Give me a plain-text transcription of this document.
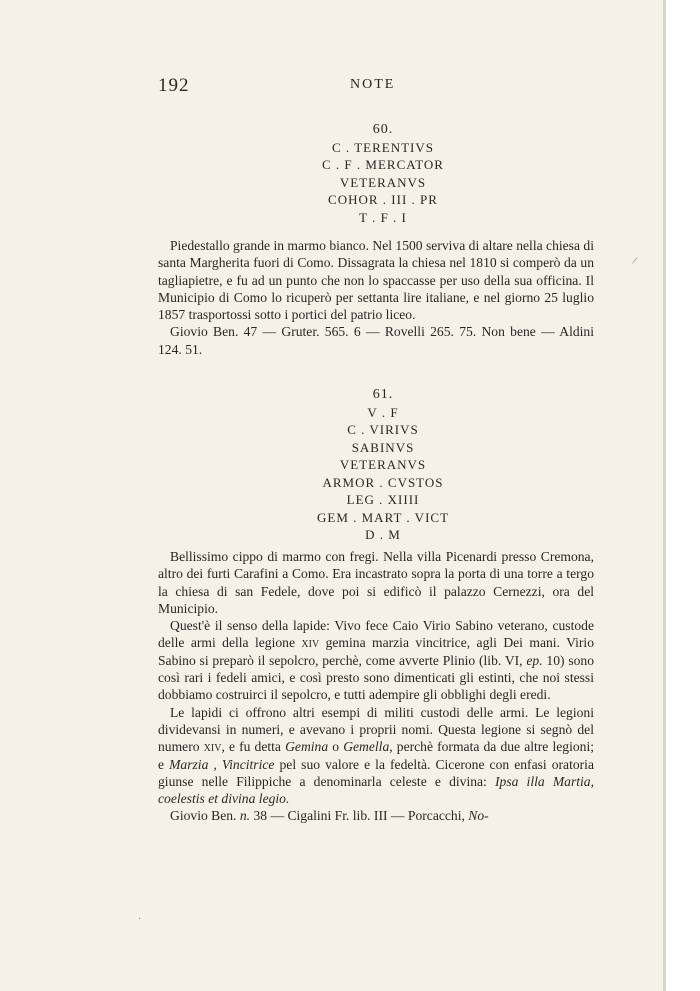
192	NOTE
60.
C . TERENTIVS
C . F . MERCATOR
VETERANVS
COHOR . III . PR
T . F . I

Piedestallo grande in marmo bianco. Nel 1500 serviva di altare nella chiesa di santa Margherita fuori di Como. Dissagrata la chiesa nel 1810 si comperò da un tagliapietre, e fu ad un punto che non lo spaccasse per uso della sua officina. Il Municipio di Como lo ricuperò per settanta lire italiane, e nel giorno 25 luglio 1857 trasportossi sotto i portici del patrio liceo.

Giovio Ben. 47 — Gruter. 565. 6 — Rovelli 265. 75. Non bene — Aldini 124. 51.

61.
V . F
C . VIRIVS
SABINVS
VETERANVS
ARMOR . CVSTOS
LEG . XIIII
GEM . MART . VICT
D . M

Bellissimo cippo di marmo con fregi. Nella villa Picenardi presso Cremona, altro dei furti Carafini a Como. Era incastrato sopra la porta di una torre a tergo la chiesa di san Fedele, dove poi si edificò il palazzo Cernezzi, ora del Municipio.

Quest'è il senso della lapide: Vivo fece Caio Virio Sabino veterano, custode delle armi della legione xiv gemina marzia vincitrice, agli Dei mani. Virio Sabino si preparò il sepolcro, perchè, come avverte Plinio (lib. VI, ep. 10) sono così rari i fedeli amici, e così presto sono dimenticati gli estinti, che noi stessi dobbiamo costruirci il sepolcro, e tutti adempire gli obblighi degli eredi.

Le lapidi ci offrono altri esempi di militi custodi delle armi. Le legioni dividevansi in numeri, e avevano i proprii nomi. Questa legione si segnò del numero xiv, e fu detta Gemina o Gemella, perchè formata da due altre legioni; e Marzia , Vincitrice pel suo valore e la fedeltà. Cicerone con enfasi oratoria giunse nelle Filippiche a denominarla celeste e divina: Ipsa illa Martia, coelestis et divina legio.

Giovio Ben. n. 38 — Cigalini Fr. lib. III — Porcacchi, No-

/
·
